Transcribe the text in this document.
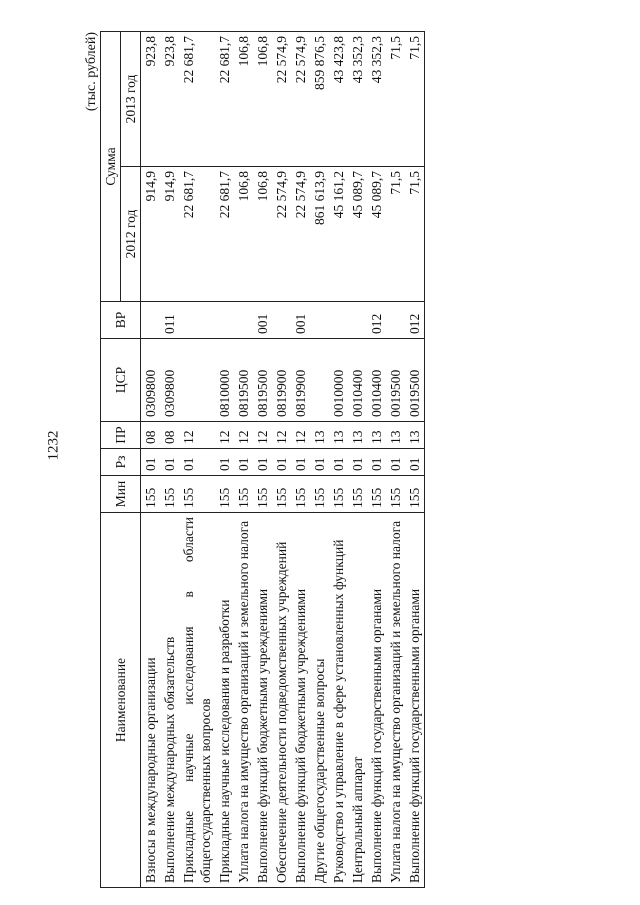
1232
(тыс. рублей)
Наименование	Мин	Рз	ПР	ЦСР	ВР	Сумма	
						2012 год	2013 год
Взносы в международные организации	155	01	08	0309800		914,9	923,8
Выполнение международных обязательств	155	01	08	0309800	011	914,9	923,8
Прикладные научные исследования в области общегосударственных вопросов	155	01	12			22 681,7	22 681,7
Прикладные научные исследования и разработки	155	01	12	0810000		22 681,7	22 681,7
Уплата налога на имущество организаций и земельного налога	155	01	12	0819500		106,8	106,8
Выполнение функций бюджетными учреждениями	155	01	12	0819500	001	106,8	106,8
Обеспечение деятельности подведомственных учреждений	155	01	12	0819900		22 574,9	22 574,9
Выполнение функций бюджетными учреждениями	155	01	12	0819900	001	22 574,9	22 574,9
Другие общегосударственные вопросы	155	01	13			861 613,9	859 876,5
Руководство и управление в сфере установленных функций	155	01	13	0010000		45 161,2	43 423,8
Центральный аппарат	155	01	13	0010400		45 089,7	43 352,3
Выполнение функций государственными органами	155	01	13	0010400	012	45 089,7	43 352,3
Уплата налога на имущество организаций и земельного налога	155	01	13	0019500		71,5	71,5
Выполнение функций государственными органами	155	01	13	0019500	012	71,5	71,5
